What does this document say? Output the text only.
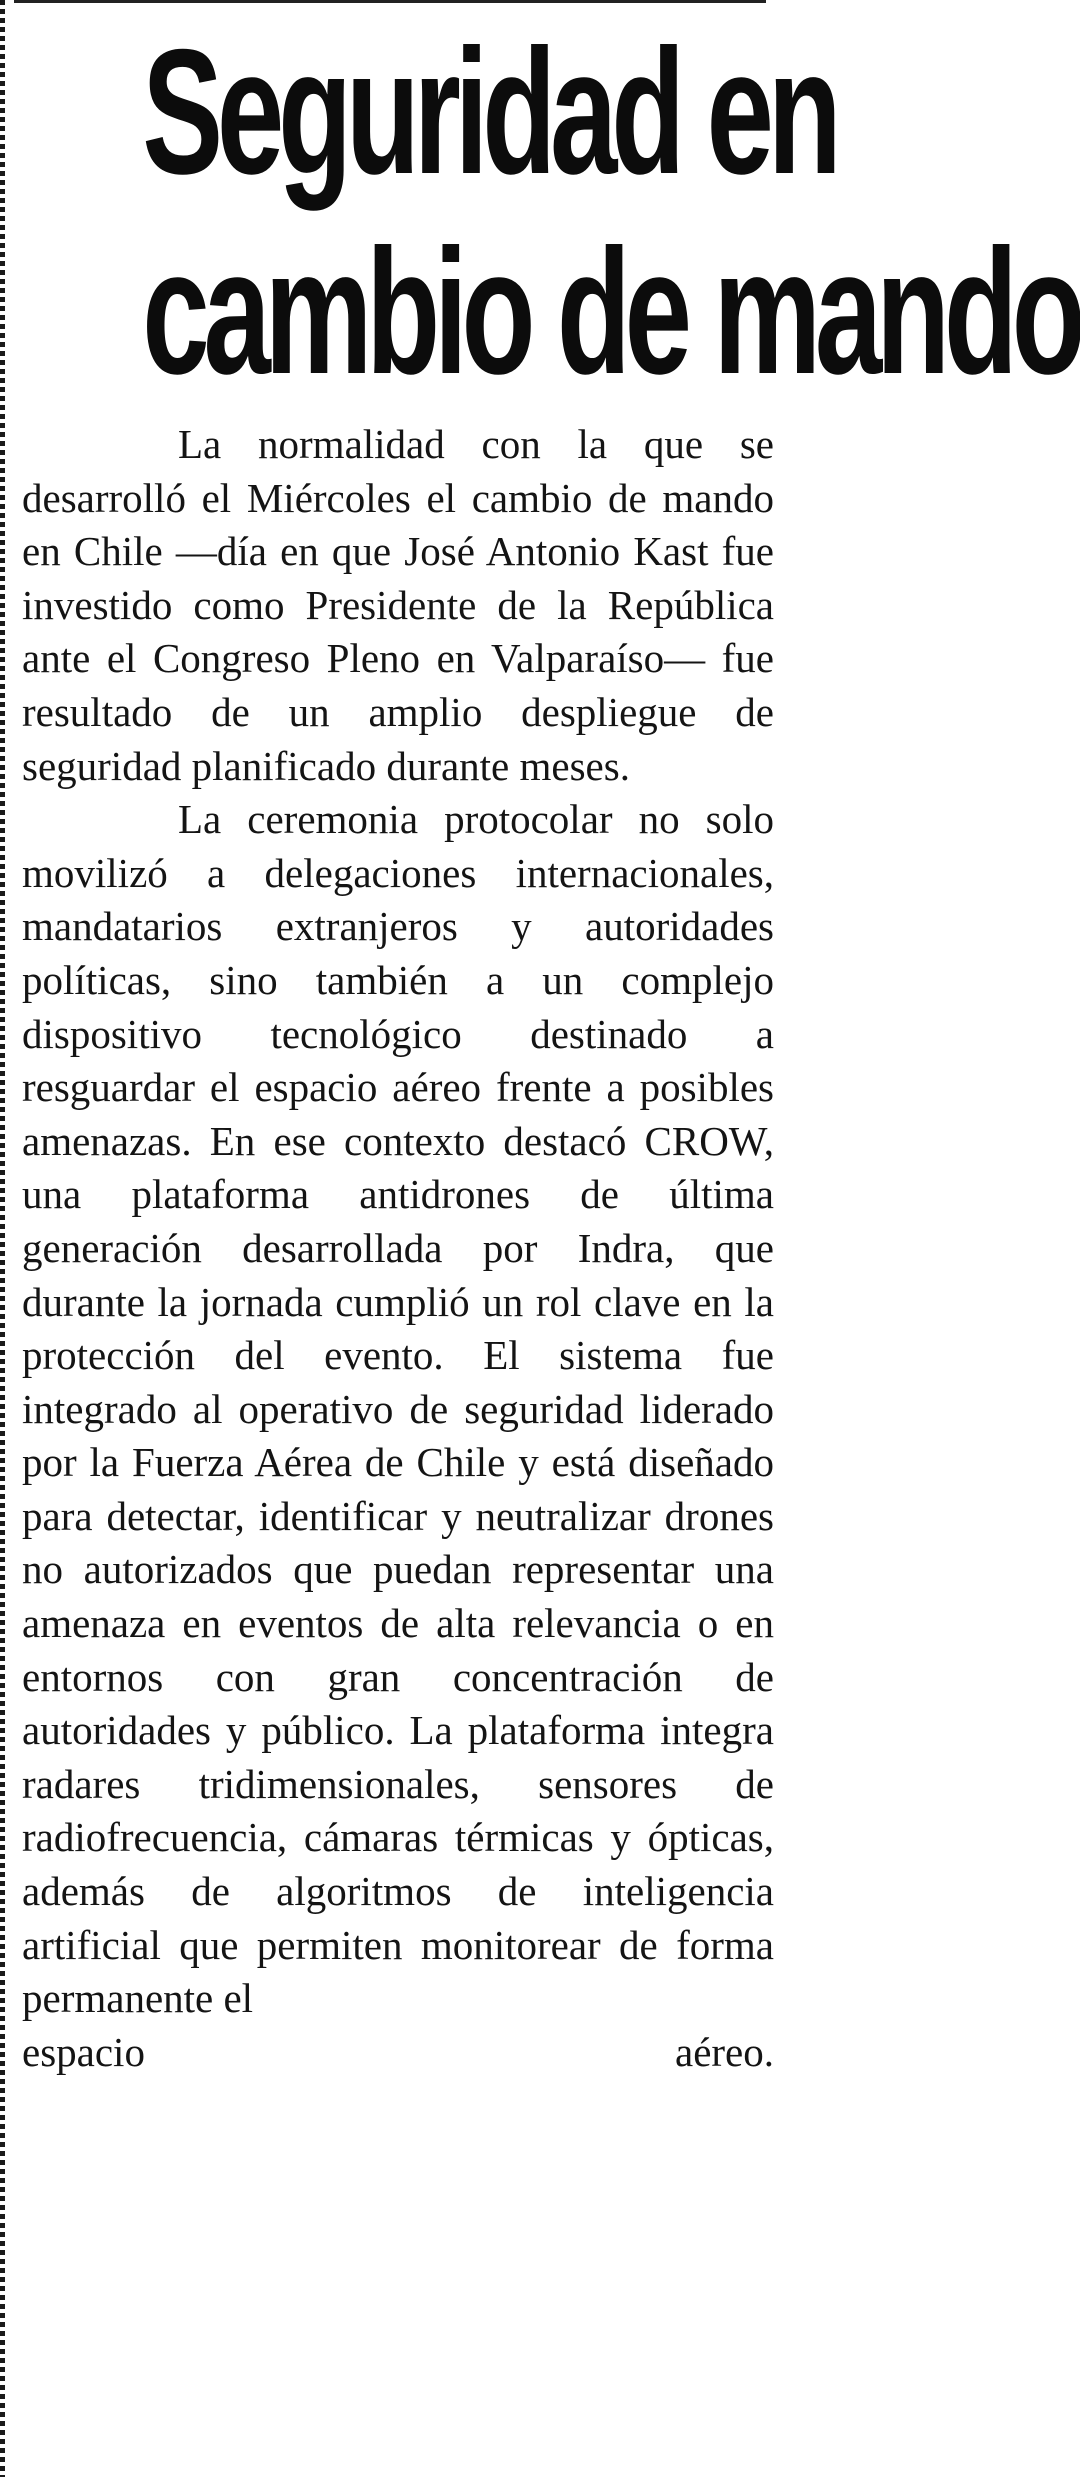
Seguridad en
cambio de mando

La normalidad con la que se desarrolló el Miércoles el cambio de mando en Chile —día en que José Antonio Kast fue investido como Presidente de la República ante el Congreso Pleno en Valparaíso— fue resultado de un amplio despliegue de seguridad planificado durante meses.

La ceremonia protocolar no solo movilizó a delegaciones internacionales, mandatarios extranjeros y autoridades políticas, sino también a un complejo dispositivo tecnológico destinado a resguardar el espacio aéreo frente a posibles amenazas. En ese contexto destacó CROW, una plataforma antidrones de última generación desarrollada por Indra, que durante la jornada cumplió un rol clave en la protección del evento. El sistema fue integrado al operativo de seguridad liderado por la Fuerza Aérea de Chile y está diseñado para detectar, identificar y neutralizar drones no autorizados que puedan representar una amenaza en eventos de alta relevancia o en entornos con gran concentración de autoridades y público. La plataforma integra radares tridimensionales, sensores de radiofrecuencia, cámaras térmicas y ópticas, además de algoritmos de inteligencia artificial que permiten monitorear de forma permanente el
espacio aéreo.
